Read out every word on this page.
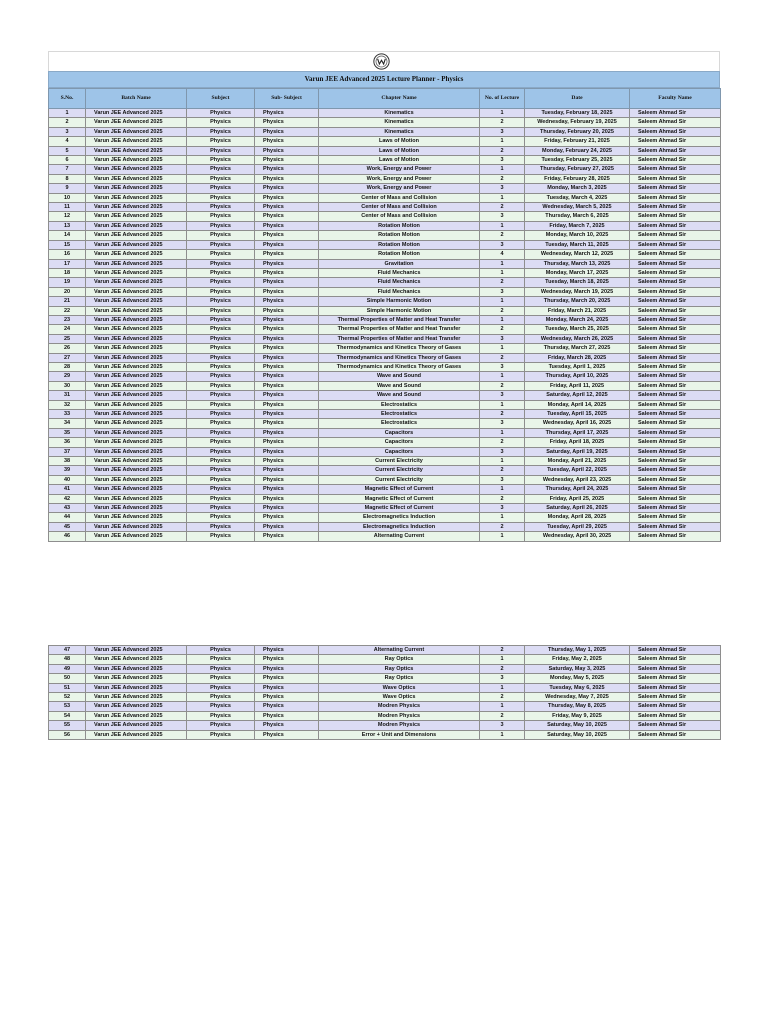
Varun JEE Advanced 2025 Lecture Planner - Physics
S.No.	Batch Name	Subject	Sub- Subject	Chapter Name	No. of Lecture	Date	Faculty Name
1	Varun JEE Advanced 2025	Physics	Physics	Kinematics	1	Tuesday, February 18, 2025	Saleem Ahmad Sir
2	Varun JEE Advanced 2025	Physics	Physics	Kinematics	2	Wednesday, February 19, 2025	Saleem Ahmad Sir
3	Varun JEE Advanced 2025	Physics	Physics	Kinematics	3	Thursday, February 20, 2025	Saleem Ahmad Sir
4	Varun JEE Advanced 2025	Physics	Physics	Laws of Motion	1	Friday, February 21, 2025	Saleem Ahmad Sir
5	Varun JEE Advanced 2025	Physics	Physics	Laws of Motion	2	Monday, February 24, 2025	Saleem Ahmad Sir
6	Varun JEE Advanced 2025	Physics	Physics	Laws of Motion	3	Tuesday, February 25, 2025	Saleem Ahmad Sir
7	Varun JEE Advanced 2025	Physics	Physics	Work, Energy and Power	1	Thursday, February 27, 2025	Saleem Ahmad Sir
8	Varun JEE Advanced 2025	Physics	Physics	Work, Energy and Power	2	Friday, February 28, 2025	Saleem Ahmad Sir
9	Varun JEE Advanced 2025	Physics	Physics	Work, Energy and Power	3	Monday, March 3, 2025	Saleem Ahmad Sir
10	Varun JEE Advanced 2025	Physics	Physics	Center of Mass and Collision	1	Tuesday, March 4, 2025	Saleem Ahmad Sir
11	Varun JEE Advanced 2025	Physics	Physics	Center of Mass and Collision	2	Wednesday, March 5, 2025	Saleem Ahmad Sir
12	Varun JEE Advanced 2025	Physics	Physics	Center of Mass and Collision	3	Thursday, March 6, 2025	Saleem Ahmad Sir
13	Varun JEE Advanced 2025	Physics	Physics	Rotation Motion	1	Friday, March 7, 2025	Saleem Ahmad Sir
14	Varun JEE Advanced 2025	Physics	Physics	Rotation Motion	2	Monday, March 10, 2025	Saleem Ahmad Sir
15	Varun JEE Advanced 2025	Physics	Physics	Rotation Motion	3	Tuesday, March 11, 2025	Saleem Ahmad Sir
16	Varun JEE Advanced 2025	Physics	Physics	Rotation Motion	4	Wednesday, March 12, 2025	Saleem Ahmad Sir
17	Varun JEE Advanced 2025	Physics	Physics	Gravitation	1	Thursday, March 13, 2025	Saleem Ahmad Sir
18	Varun JEE Advanced 2025	Physics	Physics	Fluid Mechanics	1	Monday, March 17, 2025	Saleem Ahmad Sir
19	Varun JEE Advanced 2025	Physics	Physics	Fluid Mechanics	2	Tuesday, March 18, 2025	Saleem Ahmad Sir
20	Varun JEE Advanced 2025	Physics	Physics	Fluid Mechanics	3	Wednesday, March 19, 2025	Saleem Ahmad Sir
21	Varun JEE Advanced 2025	Physics	Physics	Simple Harmonic Motion	1	Thursday, March 20, 2025	Saleem Ahmad Sir
22	Varun JEE Advanced 2025	Physics	Physics	Simple Harmonic Motion	2	Friday, March 21, 2025	Saleem Ahmad Sir
23	Varun JEE Advanced 2025	Physics	Physics	Thermal Properties of Matter and Heat Transfer	1	Monday, March 24, 2025	Saleem Ahmad Sir
24	Varun JEE Advanced 2025	Physics	Physics	Thermal Properties of Matter and Heat Transfer	2	Tuesday, March 25, 2025	Saleem Ahmad Sir
25	Varun JEE Advanced 2025	Physics	Physics	Thermal Properties of Matter and Heat Transfer	3	Wednesday, March 26, 2025	Saleem Ahmad Sir
26	Varun JEE Advanced 2025	Physics	Physics	Thermodynamics and Kinetics Theory of Gases	1	Thursday, March 27, 2025	Saleem Ahmad Sir
27	Varun JEE Advanced 2025	Physics	Physics	Thermodynamics and Kinetics Theory of Gases	2	Friday, March 28, 2025	Saleem Ahmad Sir
28	Varun JEE Advanced 2025	Physics	Physics	Thermodynamics and Kinetics Theory of Gases	3	Tuesday, April 1, 2025	Saleem Ahmad Sir
29	Varun JEE Advanced 2025	Physics	Physics	Wave and Sound	1	Thursday, April 10, 2025	Saleem Ahmad Sir
30	Varun JEE Advanced 2025	Physics	Physics	Wave and Sound	2	Friday, April 11, 2025	Saleem Ahmad Sir
31	Varun JEE Advanced 2025	Physics	Physics	Wave and Sound	3	Saturday, April 12, 2025	Saleem Ahmad Sir
32	Varun JEE Advanced 2025	Physics	Physics	Electrostatics	1	Monday, April 14, 2025	Saleem Ahmad Sir
33	Varun JEE Advanced 2025	Physics	Physics	Electrostatics	2	Tuesday, April 15, 2025	Saleem Ahmad Sir
34	Varun JEE Advanced 2025	Physics	Physics	Electrostatics	3	Wednesday, April 16, 2025	Saleem Ahmad Sir
35	Varun JEE Advanced 2025	Physics	Physics	Capacitors	1	Thursday, April 17, 2025	Saleem Ahmad Sir
36	Varun JEE Advanced 2025	Physics	Physics	Capacitors	2	Friday, April 18, 2025	Saleem Ahmad Sir
37	Varun JEE Advanced 2025	Physics	Physics	Capacitors	3	Saturday, April 19, 2025	Saleem Ahmad Sir
38	Varun JEE Advanced 2025	Physics	Physics	Current Electricity	1	Monday, April 21, 2025	Saleem Ahmad Sir
39	Varun JEE Advanced 2025	Physics	Physics	Current Electricity	2	Tuesday, April 22, 2025	Saleem Ahmad Sir
40	Varun JEE Advanced 2025	Physics	Physics	Current Electricity	3	Wednesday, April 23, 2025	Saleem Ahmad Sir
41	Varun JEE Advanced 2025	Physics	Physics	Magnetic Effect of Current	1	Thursday, April 24, 2025	Saleem Ahmad Sir
42	Varun JEE Advanced 2025	Physics	Physics	Magnetic Effect of Current	2	Friday, April 25, 2025	Saleem Ahmad Sir
43	Varun JEE Advanced 2025	Physics	Physics	Magnetic Effect of Current	3	Saturday, April 26, 2025	Saleem Ahmad Sir
44	Varun JEE Advanced 2025	Physics	Physics	Electromagnetics Induction	1	Monday, April 28, 2025	Saleem Ahmad Sir
45	Varun JEE Advanced 2025	Physics	Physics	Electromagnetics Induction	2	Tuesday, April 29, 2025	Saleem Ahmad Sir
46	Varun JEE Advanced 2025	Physics	Physics	Alternating Current	1	Wednesday, April 30, 2025	Saleem Ahmad Sir
47	Varun JEE Advanced 2025	Physics	Physics	Alternating Current	2	Thursday, May 1, 2025	Saleem Ahmad Sir
48	Varun JEE Advanced 2025	Physics	Physics	Ray Optics	1	Friday, May 2, 2025	Saleem Ahmad Sir
49	Varun JEE Advanced 2025	Physics	Physics	Ray Optics	2	Saturday, May 3, 2025	Saleem Ahmad Sir
50	Varun JEE Advanced 2025	Physics	Physics	Ray Optics	3	Monday, May 5, 2025	Saleem Ahmad Sir
51	Varun JEE Advanced 2025	Physics	Physics	Wave Optics	1	Tuesday, May 6, 2025	Saleem Ahmad Sir
52	Varun JEE Advanced 2025	Physics	Physics	Wave Optics	2	Wednesday, May 7, 2025	Saleem Ahmad Sir
53	Varun JEE Advanced 2025	Physics	Physics	Modren Physics	1	Thursday, May 8, 2025	Saleem Ahmad Sir
54	Varun JEE Advanced 2025	Physics	Physics	Modren Physics	2	Friday, May 9, 2025	Saleem Ahmad Sir
55	Varun JEE Advanced 2025	Physics	Physics	Modren Physics	3	Saturday, May 10, 2025	Saleem Ahmad Sir
56	Varun JEE Advanced 2025	Physics	Physics	Error + Unit and Dimensions	1	Saturday, May 10, 2025	Saleem Ahmad Sir
